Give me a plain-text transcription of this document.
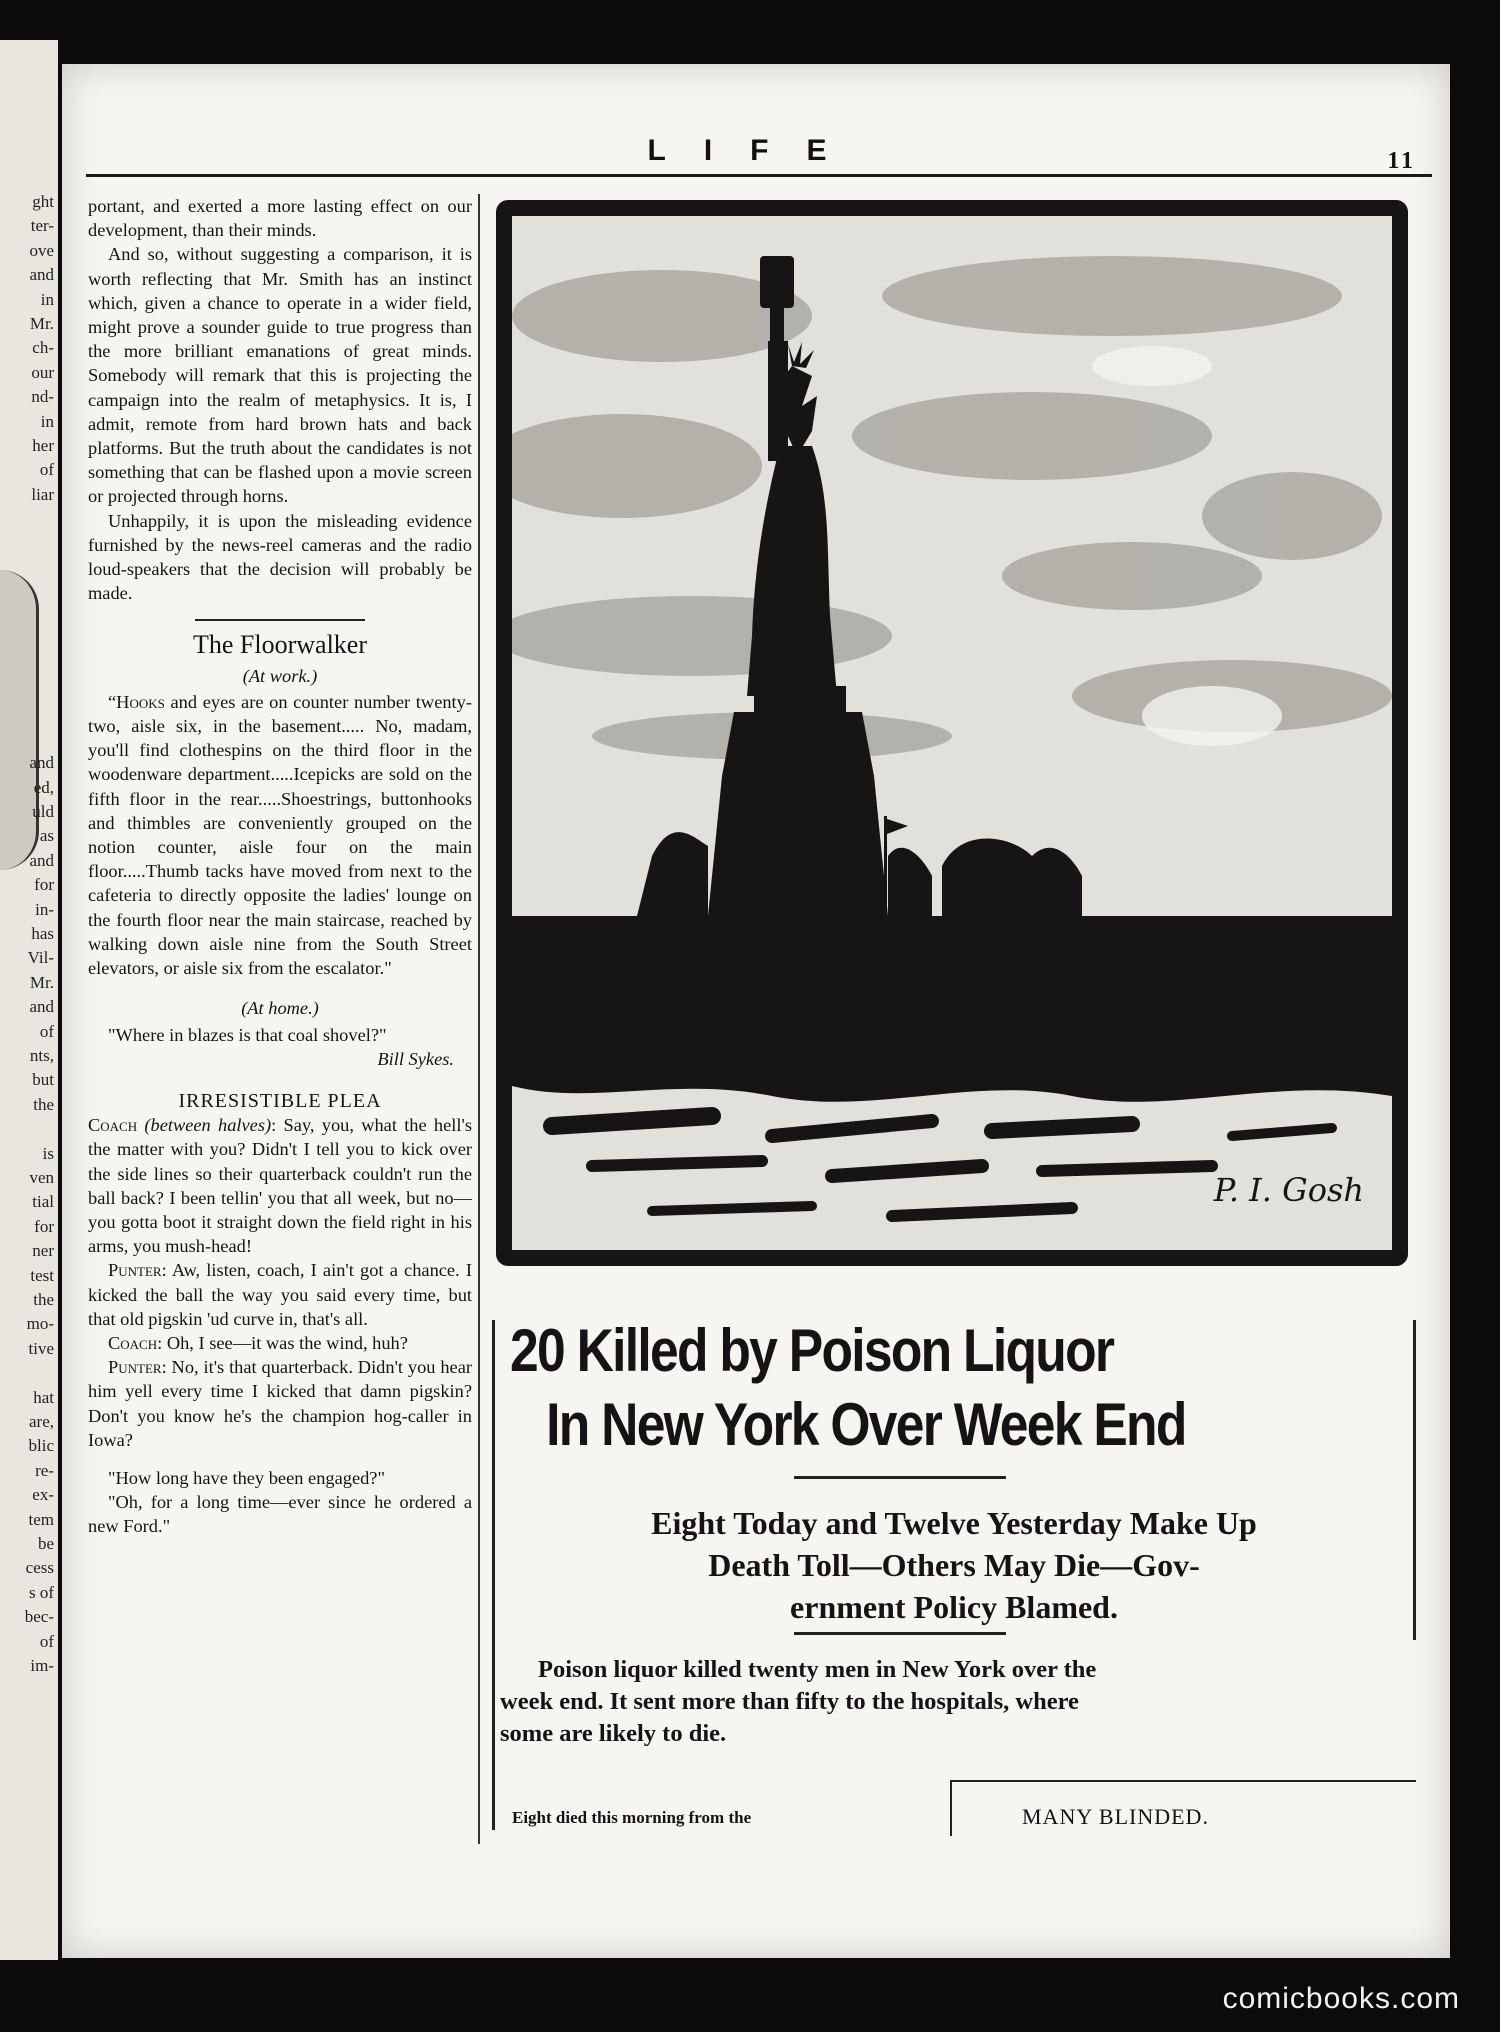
ght
ter-
ove
and
in
Mr.
ch-
our
nd-
in
her
of
liar
and
ed,
uld
as
and
for
in-
has
Vil-
Mr.
and
of
nts,
but
the
is
ven
tial
for
ner
test
the
mo-
tive
hat
are,
blic
re-
ex-
tem
be
cess
s of
bec-
of
im-
LIFE	11

portant, and exerted a more lasting effect on our development, than their minds.

And so, without suggesting a comparison, it is worth reflecting that Mr. Smith has an instinct which, given a chance to operate in a wider field, might prove a sounder guide to true progress than the more brilliant emanations of great minds. Somebody will remark that this is projecting the campaign into the realm of metaphysics. It is, I admit, remote from hard brown hats and back platforms. But the truth about the candidates is not something that can be flashed upon a movie screen or projected through horns.

Unhappily, it is upon the misleading evidence furnished by the news-reel cameras and the radio loud-speakers that the decision will probably be made.

The Floorwalker
(At work.)

“Hooks and eyes are on counter number twenty-two, aisle six, in the basement..... No, madam, you'll find clothespins on the third floor in the woodenware department.....Icepicks are sold on the fifth floor in the rear.....Shoestrings, buttonhooks and thimbles are conveniently grouped on the notion counter, aisle four on the main floor.....Thumb tacks have moved from next to the cafeteria to directly opposite the ladies' lounge on the fourth floor near the main staircase, reached by walking down aisle nine from the South Street elevators, or aisle six from the escalator."

(At home.)

"Where in blazes is that coal shovel?"

Bill Sykes.
IRRESISTIBLE PLEA

Coach (between halves): Say, you, what the hell's the matter with you? Didn't I tell you to kick over the side lines so their quarterback couldn't run the ball back? I been tellin' you that all week, but no—you gotta boot it straight down the field right in his arms, you mush-head!

Punter: Aw, listen, coach, I ain't got a chance. I kicked the ball the way you said every time, but that old pigskin 'ud curve in, that's all.

Coach: Oh, I see—it was the wind, huh?

Punter: No, it's that quarterback. Didn't you hear him yell every time I kicked that damn pigskin? Don't you know he's the champion hog-caller in Iowa?

"How long have they been engaged?"

"Oh, for a long time—ever since he ordered a new Ford."

P. I. Gosh
20 Killed by Poison Liquor
In New York Over Week End
Eight Today and Twelve Yesterday Make Up
Death Toll—Others May Die—Gov-
ernment Policy Blamed.
Poison liquor killed twenty men in New York over the
week end. It sent more than fifty to the hospitals, where
some are likely to die.
Eight died this morning from the	MANY BLINDED.
comicbooks.com
